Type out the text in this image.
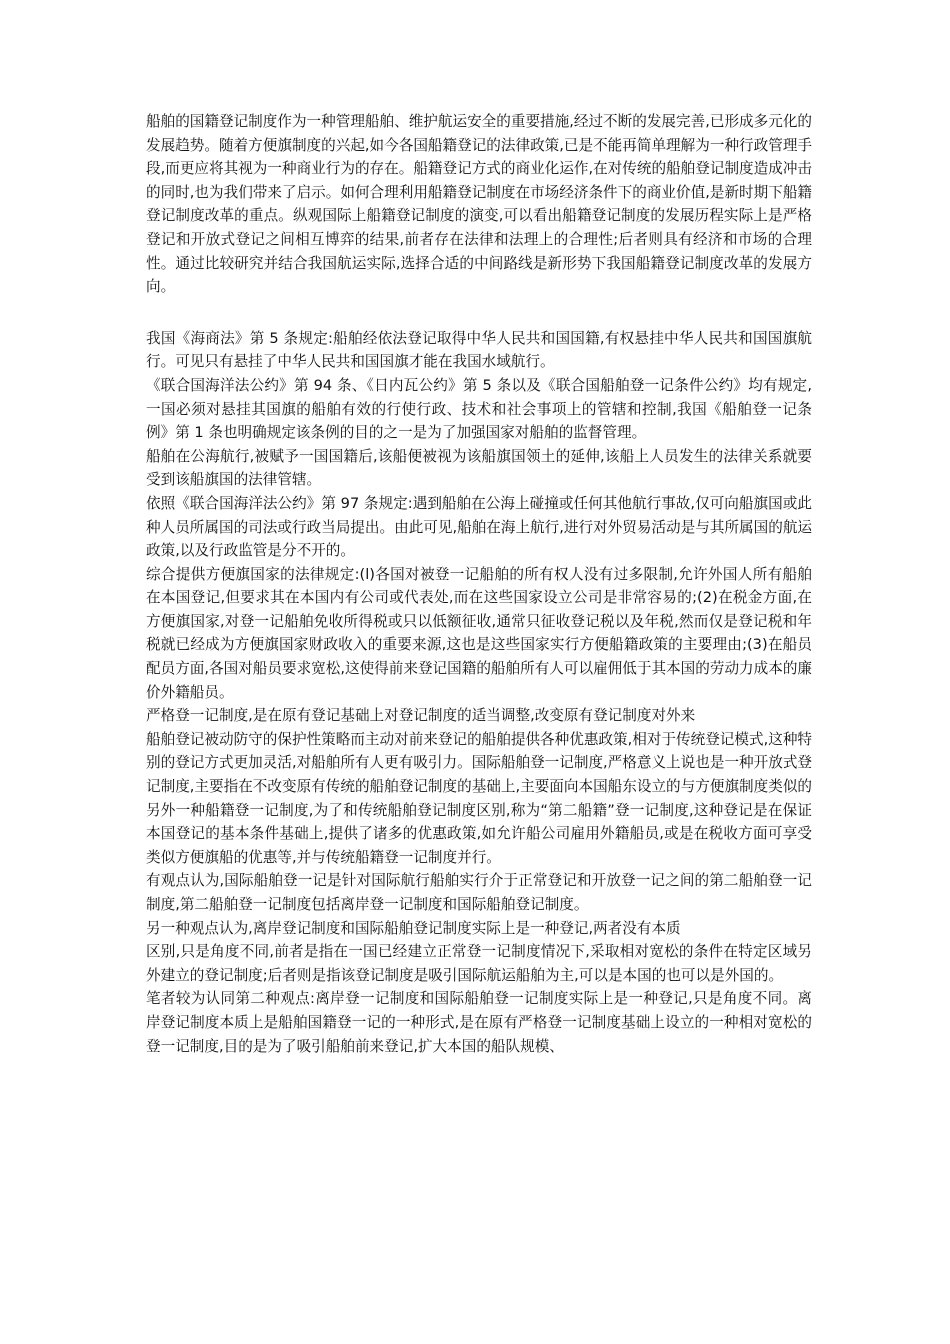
船舶的国籍登记制度作为一种管理船舶、维护航运安全的重要措施,经过不断的发展完善,已形成多元化的发展趋势。随着方便旗制度的兴起,如今各国船籍登记的法律政策,已是不能再简单理解为一种行政管理手段,而更应将其视为一种商业行为的存在。船籍登记方式的商业化运作,在对传统的船舶登记制度造成冲击的同时,也为我们带来了启示。如何合理利用船籍登记制度在市场经济条件下的商业价值,是新时期下船籍登记制度改革的重点。纵观国际上船籍登记制度的演变,可以看出船籍登记制度的发展历程实际上是严格登记和开放式登记之间相互博弈的结果,前者存在法律和法理上的合理性;后者则具有经济和市场的合理性。通过比较研究并结合我国航运实际,选择合适的中间路线是新形势下我国船籍登记制度改革的发展方向。

我国《海商法》第 5 条规定:船舶经依法登记取得中华人民共和国国籍,有权悬挂中华人民共和国国旗航行。可见只有悬挂了中华人民共和国国旗才能在我国水域航行。

《联合国海洋法公约》第 94 条、《日内瓦公约》第 5 条以及《联合国船舶登一记条件公约》均有规定,一国必须对悬挂其国旗的船舶有效的行使行政、技术和社会事项上的管辖和控制,我国《船舶登一记条例》第 1 条也明确规定该条例的目的之一是为了加强国家对船舶的监督管理。

船舶在公海航行,被赋予一国国籍后,该船便被视为该船旗国领土的延伸,该船上人员发生的法律关系就要受到该船旗国的法律管辖。

依照《联合国海洋法公约》第 97 条规定:遇到船舶在公海上碰撞或任何其他航行事故,仅可向船旗国或此种人员所属国的司法或行政当局提出。由此可见,船舶在海上航行,进行对外贸易活动是与其所属国的航运政策,以及行政监管是分不开的。

综合提供方便旗国家的法律规定:(l)各国对被登一记船舶的所有权人没有过多限制,允许外国人所有船舶在本国登记,但要求其在本国内有公司或代表处,而在这些国家设立公司是非常容易的;(2)在税金方面,在方便旗国家,对登一记船舶免收所得税或只以低额征收,通常只征收登记税以及年税,然而仅是登记税和年税就已经成为方便旗国家财政收入的重要来源,这也是这些国家实行方便船籍政策的主要理由;(3)在船员配员方面,各国对船员要求宽松,这使得前来登记国籍的船舶所有人可以雇佣低于其本国的劳动力成本的廉价外籍船员。

严格登一记制度,是在原有登记基础上对登记制度的适当调整,改变原有登记制度对外来

船舶登记被动防守的保护性策略而主动对前来登记的船舶提供各种优惠政策,相对于传统登记模式,这种特别的登记方式更加灵活,对船舶所有人更有吸引力。国际船舶登一记制度,严格意义上说也是一种开放式登记制度,主要指在不改变原有传统的船舶登记制度的基础上,主要面向本国船东设立的与方便旗制度类似的另外一种船籍登一记制度,为了和传统船舶登记制度区别,称为“第二船籍”登一记制度,这种登记是在保证本国登记的基本条件基础上,提供了诸多的优惠政策,如允许船公司雇用外籍船员,或是在税收方面可享受类似方便旗船的优惠等,并与传统船籍登一记制度并行。

有观点认为,国际船舶登一记是针对国际航行船舶实行介于正常登记和开放登一记之间的第二船舶登一记制度,第二船舶登一记制度包括离岸登一记制度和国际船舶登记制度。

另一种观点认为,离岸登记制度和国际船舶登记制度实际上是一种登记,两者没有本质

区别,只是角度不同,前者是指在一国已经建立正常登一记制度情况下,采取相对宽松的条件在特定区域另外建立的登记制度;后者则是指该登记制度是吸引国际航运船舶为主,可以是本国的也可以是外国的。

笔者较为认同第二种观点:离岸登一记制度和国际船舶登一记制度实际上是一种登记,只是角度不同。离岸登记制度本质上是船舶国籍登一记的一种形式,是在原有严格登一记制度基础上设立的一种相对宽松的登一记制度,目的是为了吸引船舶前来登记,扩大本国的船队规模、
